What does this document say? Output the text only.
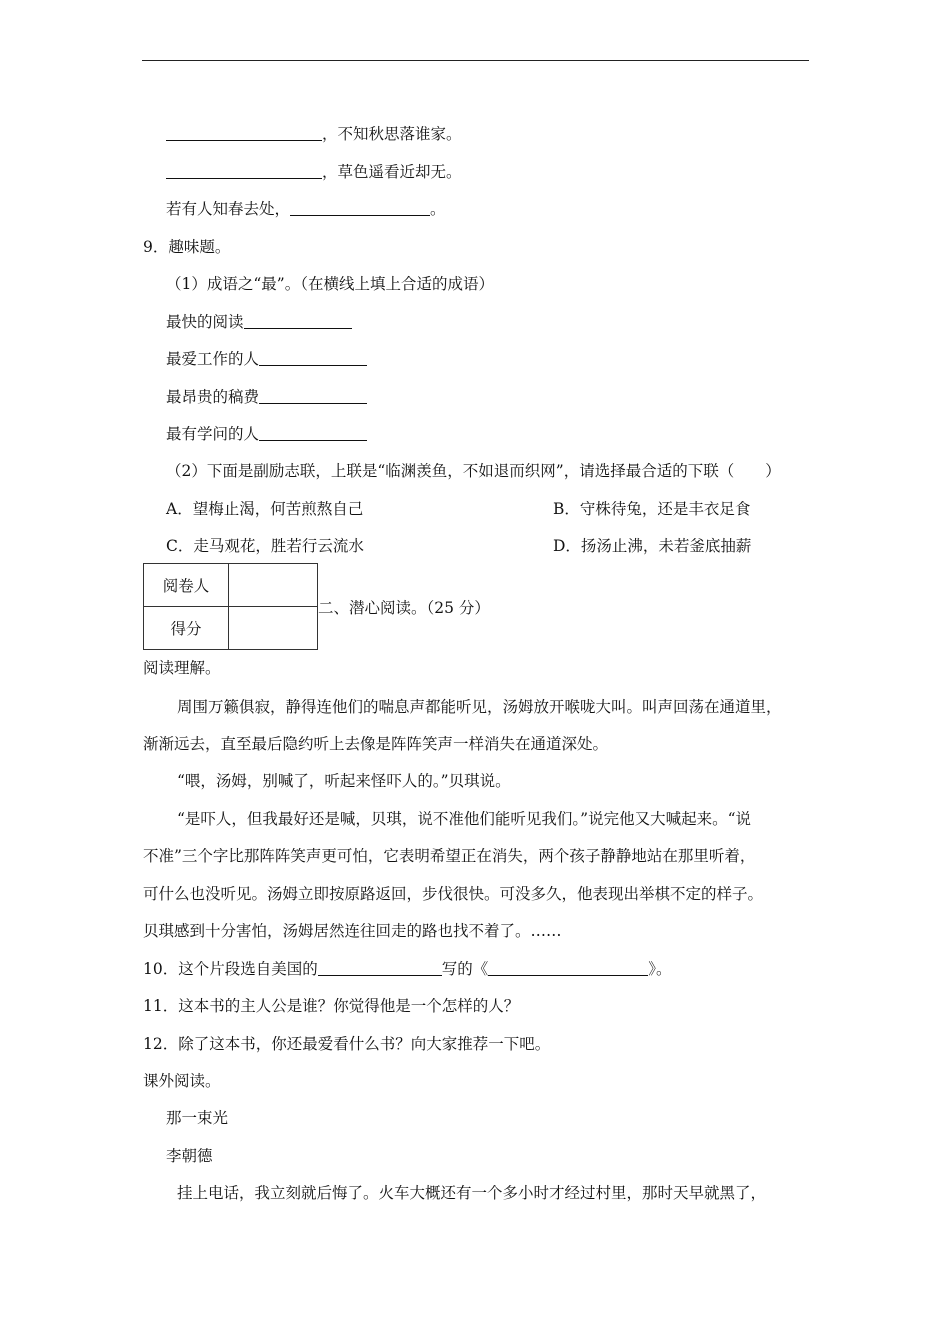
，不知秋思落谁家。
，草色遥看近却无。
若有人知春去处，	。
9．趣味题。
（1）成语之“最”。（在横线上填上合适的成语）
最快的阅读
最爱工作的人
最昂贵的稿费
最有学问的人
（2）下面是副励志联，上联是“临渊羡鱼，不如退而织网”，请选择最合适的下联（　　）
A．望梅止渴，何苦煎熬自己	B．守株待兔，还是丰衣足食
C．走马观花，胜若行云流水	D．扬汤止沸，未若釜底抽薪
阅卷人	
得分	
二、潜心阅读。（25 分）
阅读理解。
周围万籁俱寂，静得连他们的喘息声都能听见，汤姆放开喉咙大叫。叫声回荡在通道里，
渐渐远去，直至最后隐约听上去像是阵阵笑声一样消失在通道深处。
“喂，汤姆，别喊了，听起来怪吓人的。”贝琪说。
“是吓人，但我最好还是喊，贝琪，说不准他们能听见我们。”说完他又大喊起来。“说
不准”三个字比那阵阵笑声更可怕，它表明希望正在消失，两个孩子静静地站在那里听着，
可什么也没听见。汤姆立即按原路返回，步伐很快。可没多久，他表现出举棋不定的样子。
贝琪感到十分害怕，汤姆居然连往回走的路也找不着了。……
10．这个片段选自美国的	写的《	》。
11．这本书的主人公是谁？你觉得他是一个怎样的人？
12．除了这本书，你还最爱看什么书？向大家推荐一下吧。
课外阅读。
那一束光
李朝德
挂上电话，我立刻就后悔了。火车大概还有一个多小时才经过村里，那时天早就黑了，
